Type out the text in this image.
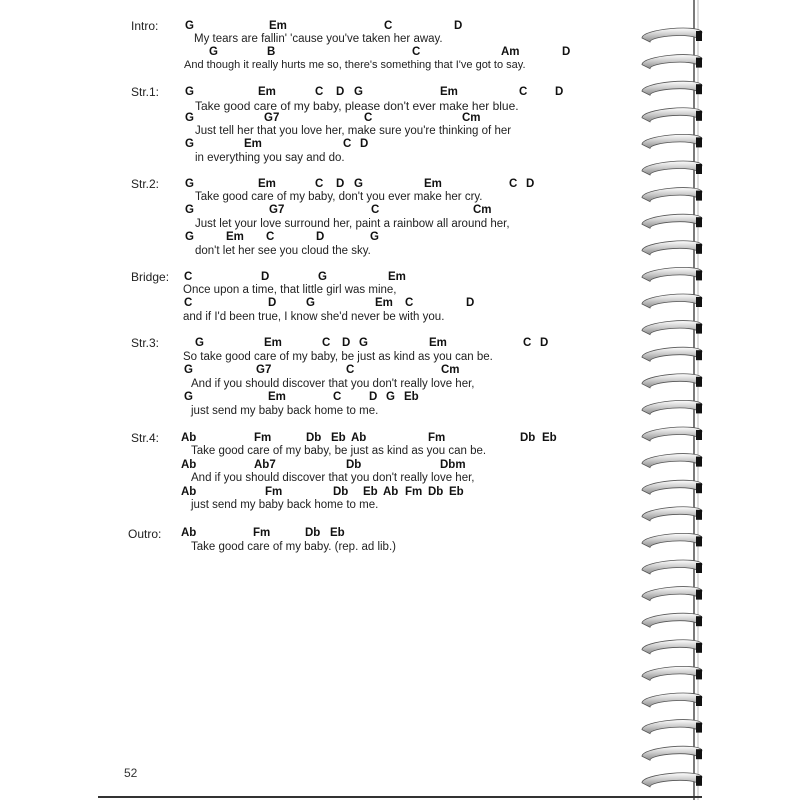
Intro: G	Em	C	D
My tears are fallin' 'cause you've taken her away.
G	B	C	Am	D
And though it really hurts me so, there's something that I've got to say.
Str.1: G	Em	C D G	Em	C D
Take good care of my baby, please don't ever make her blue.
G	G7	C	Cm
Just tell her that you love her, make sure you're thinking of her
G	Em	C D
in everything you say and do.
Str.2: G	Em	C D G	Em	C D
Take good care of my baby, don't you ever make her cry.
G	G7	C	Cm
Just let your love surround her, paint a rainbow all around her,
G	Em C	D	G
don't let her see you cloud the sky.
Bridge: C	D	G	Em
Once upon a time, that little girl was mine,
C	D	G	Em C	D
and if I'd been true, I know she'd never be with you.
Str.3:	G	Em	C D G	Em	C D
So take good care of my baby, be just as kind as you can be.
G	G7	C	Cm
And if you should discover that you don't really love her,
G	Em	C D G Eb
just send my baby back home to me.
Str.4: Ab	Fm	Db Eb Ab	Fm	Db Eb
Take good care of my baby, be just as kind as you can be.
Ab	Ab7	Db	Dbm
And if you should discover that you don't really love her,
Ab	Fm	Db Eb Ab Fm Db Eb
just send my baby back home to me.
Outro: Ab	Fm	Db Eb
Take good care of my baby. (rep. ad lib.)
52
